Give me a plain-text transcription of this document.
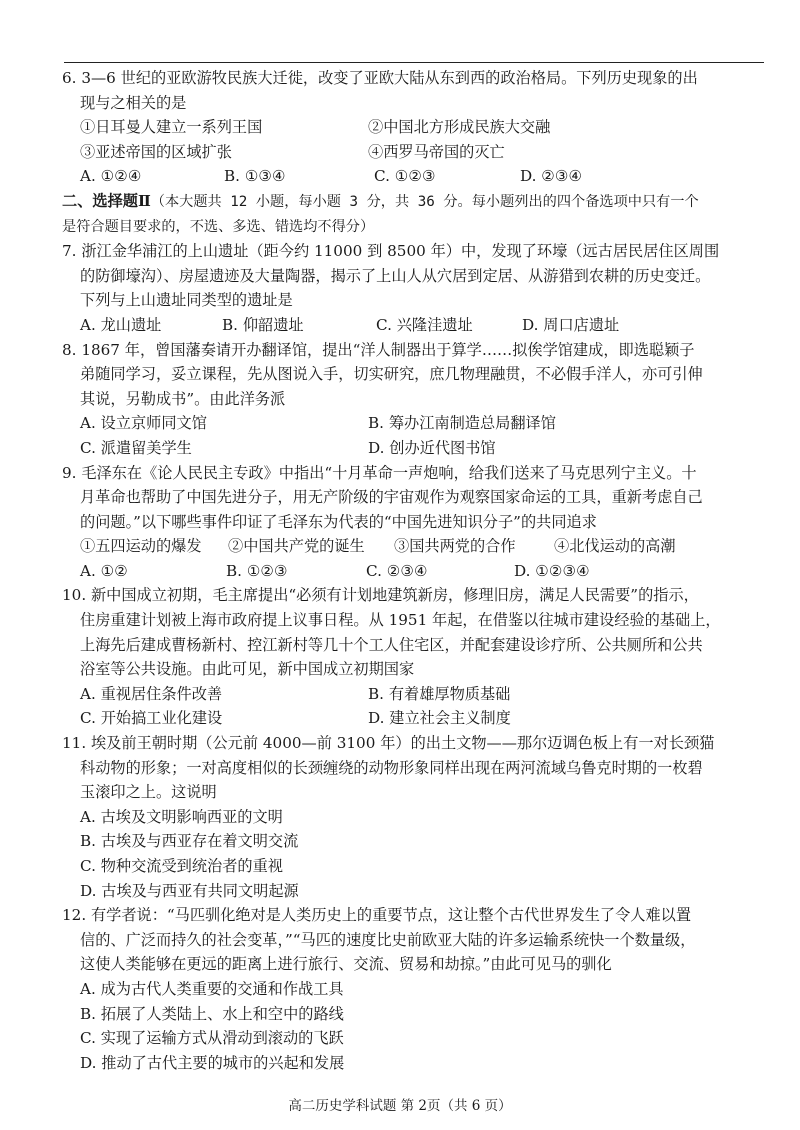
6. 3—6 世纪的亚欧游牧民族大迁徙，改变了亚欧大陆从东到西的政治格局。下列历史现象的出

现与之相关的是

①日耳曼人建立一系列王国	②中国北方形成民族大交融
③亚述帝国的区域扩张	④西罗马帝国的灭亡
A. ①②④	B. ①③④	C. ①②③	D. ②③④

二、选择题Ⅱ（本大题共 12 小题，每小题 3 分，共 36 分。每小题列出的四个备选项中只有一个

是符合题目要求的，不选、多选、错选均不得分）

7. 浙江金华浦江的上山遗址（距今约 11000 到 8500 年）中，发现了环壕（远古居民居住区周围

的防御壕沟）、房屋遗迹及大量陶器，揭示了上山人从穴居到定居、从游猎到农耕的历史变迁。

下列与上山遗址同类型的遗址是

A. 龙山遗址	B. 仰韶遗址	C. 兴隆洼遗址	D. 周口店遗址

8. 1867 年，曾国藩奏请开办翻译馆，提出“洋人制器出于算学……拟俟学馆建成，即选聪颖子

弟随同学习，妥立课程，先从图说入手，切实研究，庶几物理融贯，不必假手洋人，亦可引伸

其说，另勒成书”。由此洋务派

A. 设立京师同文馆	B. 筹办江南制造总局翻译馆
C. 派遣留美学生	D. 创办近代图书馆

9. 毛泽东在《论人民民主专政》中指出“十月革命一声炮响，给我们送来了马克思列宁主义。十

月革命也帮助了中国先进分子，用无产阶级的宇宙观作为观察国家命运的工具，重新考虑自己

的问题。”以下哪些事件印证了毛泽东为代表的“中国先进知识分子”的共同追求

①五四运动的爆发 ②中国共产党的诞生 ③国共两党的合作	④北伐运动的高潮
A. ①②	B. ①②③	C. ②③④	D. ①②③④

10. 新中国成立初期，毛主席提出“必须有计划地建筑新房，修理旧房，满足人民需要”的指示，

住房重建计划被上海市政府提上议事日程。从 1951 年起，在借鉴以往城市建设经验的基础上，

上海先后建成曹杨新村、控江新村等几十个工人住宅区，并配套建设诊疗所、公共厕所和公共

浴室等公共设施。由此可见，新中国成立初期国家

A. 重视居住条件改善	B. 有着雄厚物质基础
C. 开始搞工业化建设	D. 建立社会主义制度

11. 埃及前王朝时期（公元前 4000—前 3100 年）的出土文物——那尔迈调色板上有一对长颈猫

科动物的形象；一对高度相似的长颈缠绕的动物形象同样出现在两河流域乌鲁克时期的一枚碧

玉滚印之上。这说明

A. 古埃及文明影响西亚的文明

B. 古埃及与西亚存在着文明交流

C. 物种交流受到统治者的重视

D. 古埃及与西亚有共同文明起源

12. 有学者说：“马匹驯化绝对是人类历史上的重要节点，这让整个古代世界发生了令人难以置

信的、广泛而持久的社会变革，”“马匹的速度比史前欧亚大陆的许多运输系统快一个数量级，

这使人类能够在更远的距离上进行旅行、交流、贸易和劫掠。”由此可见马的驯化

A. 成为古代人类重要的交通和作战工具

B. 拓展了人类陆上、水上和空中的路线

C. 实现了运输方式从滑动到滚动的飞跃

D. 推动了古代主要的城市的兴起和发展

高二历史学科试题 第 2页（共 6 页）
